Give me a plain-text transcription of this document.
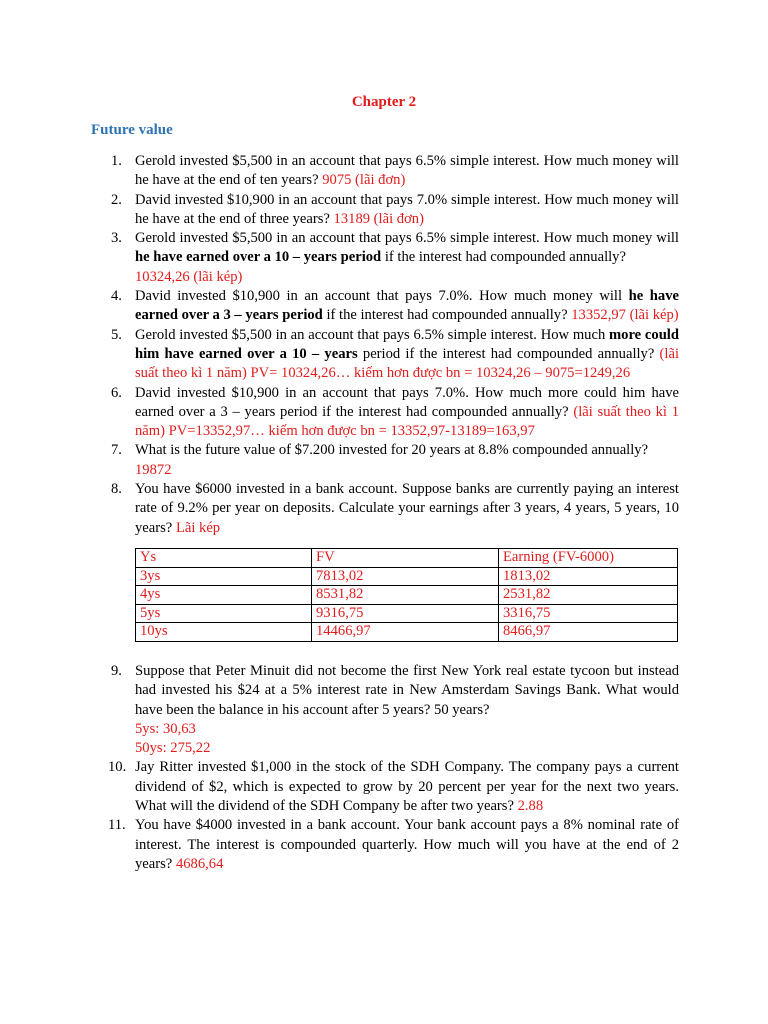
Chapter 2
Future value
1. Gerold invested $5,500 in an account that pays 6.5% simple interest. How much money will he have at the end of ten years? 9075 (lãi đơn)
2. David invested $10,900 in an account that pays 7.0% simple interest. How much money will he have at the end of three years? 13189 (lãi đơn)
3. Gerold invested $5,500 in an account that pays 6.5% simple interest. How much money will he have earned over a 10 – years period if the interest had compounded annually?
10324,26 (lãi kép)
4. David invested $10,900 in an account that pays 7.0%. How much money will he have earned over a 3 – years period if the interest had compounded annually? 13352,97 (lãi kép)
5. Gerold invested $5,500 in an account that pays 6.5% simple interest. How much more could him have earned over a 10 – years period if the interest had compounded annually? (lãi suất theo kì 1 năm) PV= 10324,26… kiếm hơn được bn = 10324,26 – 9075=1249,26
6. David invested $10,900 in an account that pays 7.0%. How much more could him have earned over a 3 – years period if the interest had compounded annually? (lãi suất theo kì 1 năm) PV=13352,97… kiếm hơn được bn = 13352,97-13189=163,97
7. What is the future value of $7.200 invested for 20 years at 8.8% compounded annually?
19872
8. You have $6000 invested in a bank account. Suppose banks are currently paying an interest rate of 9.2% per year on deposits. Calculate your earnings after 3 years, 4 years, 5 years, 10 years? Lãi kép
Ys	FV	Earning (FV-6000)
3ys	7813,02	1813,02
4ys	8531,82	2531,82
5ys	9316,75	3316,75
10ys	14466,97	8466,97
9. Suppose that Peter Minuit did not become the first New York real estate tycoon but instead had invested his $24 at a 5% interest rate in New Amsterdam Savings Bank. What would have been the balance in his account after 5 years? 50 years?
5ys: 30,63
50ys: 275,22
10. Jay Ritter invested $1,000 in the stock of the SDH Company. The company pays a current dividend of $2, which is expected to grow by 20 percent per year for the next two years. What will the dividend of the SDH Company be after two years? 2.88
11. You have $4000 invested in a bank account. Your bank account pays a 8% nominal rate of interest. The interest is compounded quarterly. How much will you have at the end of 2 years? 4686,64
